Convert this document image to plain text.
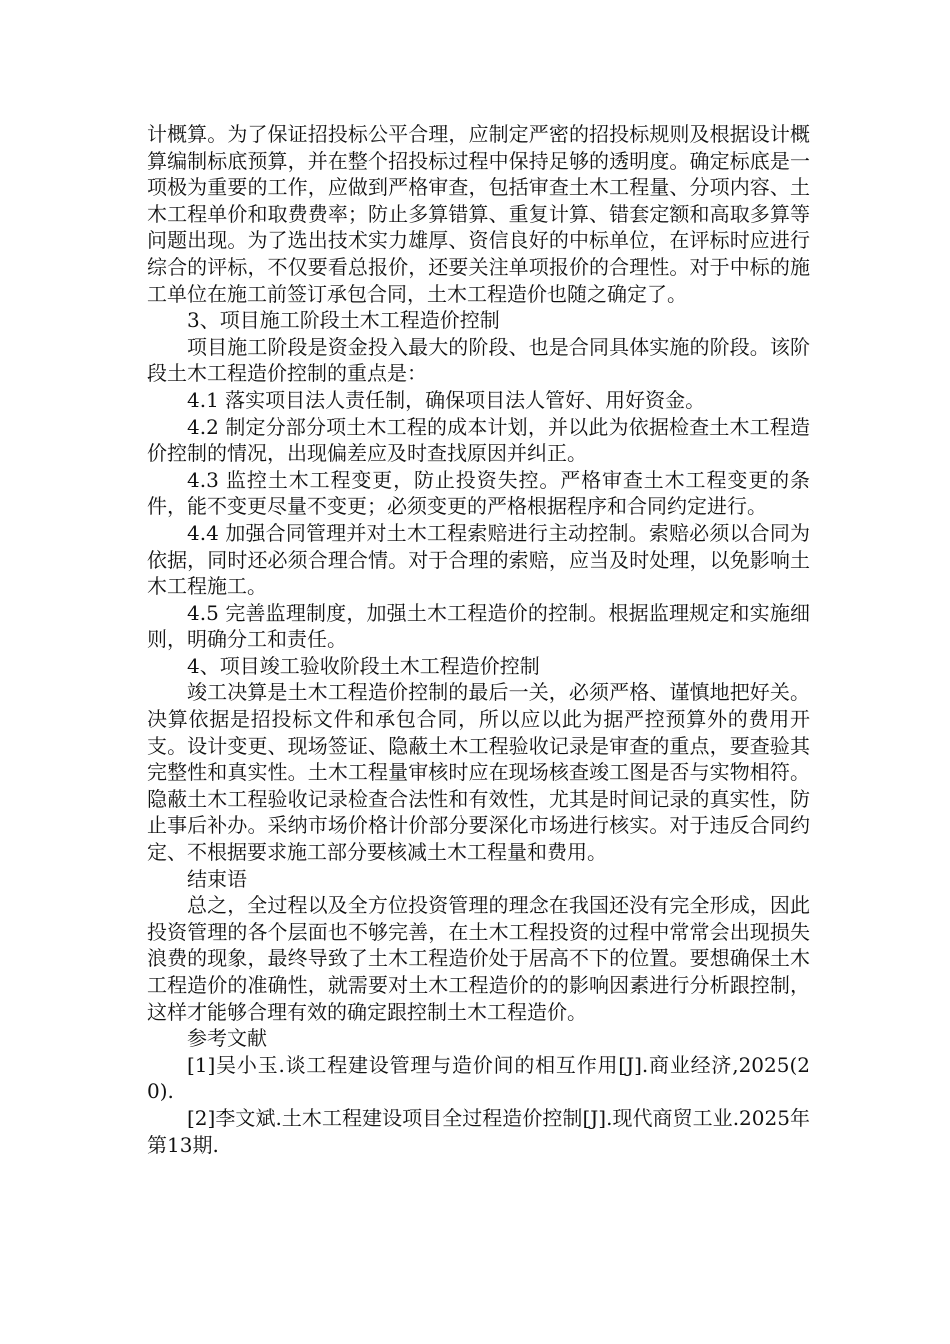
计概算。为了保证招投标公平合理，应制定严密的招投标规则及根据设计概算编制标底预算，并在整个招投标过程中保持足够的透明度。确定标底是一项极为重要的工作，应做到严格审查，包括审查土木工程量、分项内容、土木工程单价和取费费率；防止多算错算、重复计算、错套定额和高取多算等问题出现。为了选出技术实力雄厚、资信良好的中标单位，在评标时应进行综合的评标，不仅要看总报价，还要关注单项报价的合理性。对于中标的施工单位在施工前签订承包合同，土木工程造价也随之确定了。

3、项目施工阶段土木工程造价控制

项目施工阶段是资金投入最大的阶段、也是合同具体实施的阶段。该阶段土木工程造价控制的重点是：

4.1 落实项目法人责任制，确保项目法人管好、用好资金。

4.2 制定分部分项土木工程的成本计划，并以此为依据检查土木工程造价控制的情况，出现偏差应及时查找原因并纠正。

4.3 监控土木工程变更，防止投资失控。严格审查土木工程变更的条件，能不变更尽量不变更；必须变更的严格根据程序和合同约定进行。

4.4 加强合同管理并对土木工程索赔进行主动控制。索赔必须以合同为依据，同时还必须合理合情。对于合理的索赔，应当及时处理，以免影响土木工程施工。

4.5 完善监理制度，加强土木工程造价的控制。根据监理规定和实施细则，明确分工和责任。

4、项目竣工验收阶段土木工程造价控制

竣工决算是土木工程造价控制的最后一关，必须严格、谨慎地把好关。决算依据是招投标文件和承包合同，所以应以此为据严控预算外的费用开支。设计变更、现场签证、隐蔽土木工程验收记录是审查的重点，要查验其完整性和真实性。土木工程量审核时应在现场核查竣工图是否与实物相符。隐蔽土木工程验收记录检查合法性和有效性，尤其是时间记录的真实性，防止事后补办。采纳市场价格计价部分要深化市场进行核实。对于违反合同约定、不根据要求施工部分要核减土木工程量和费用。

结束语

总之，全过程以及全方位投资管理的理念在我国还没有完全形成，因此投资管理的各个层面也不够完善，在土木工程投资的过程中常常会出现损失浪费的现象，最终导致了土木工程造价处于居高不下的位置。要想确保土木工程造价的准确性，就需要对土木工程造价的的影响因素进行分析跟控制，这样才能够合理有效的确定跟控制土木工程造价。

参考文献

[1]吴小玉.谈工程建设管理与造价间的相互作用[J].商业经济,2025(20).

[2]李文斌.土木工程建设项目全过程造价控制[J].现代商贸工业.2025年第13期.
